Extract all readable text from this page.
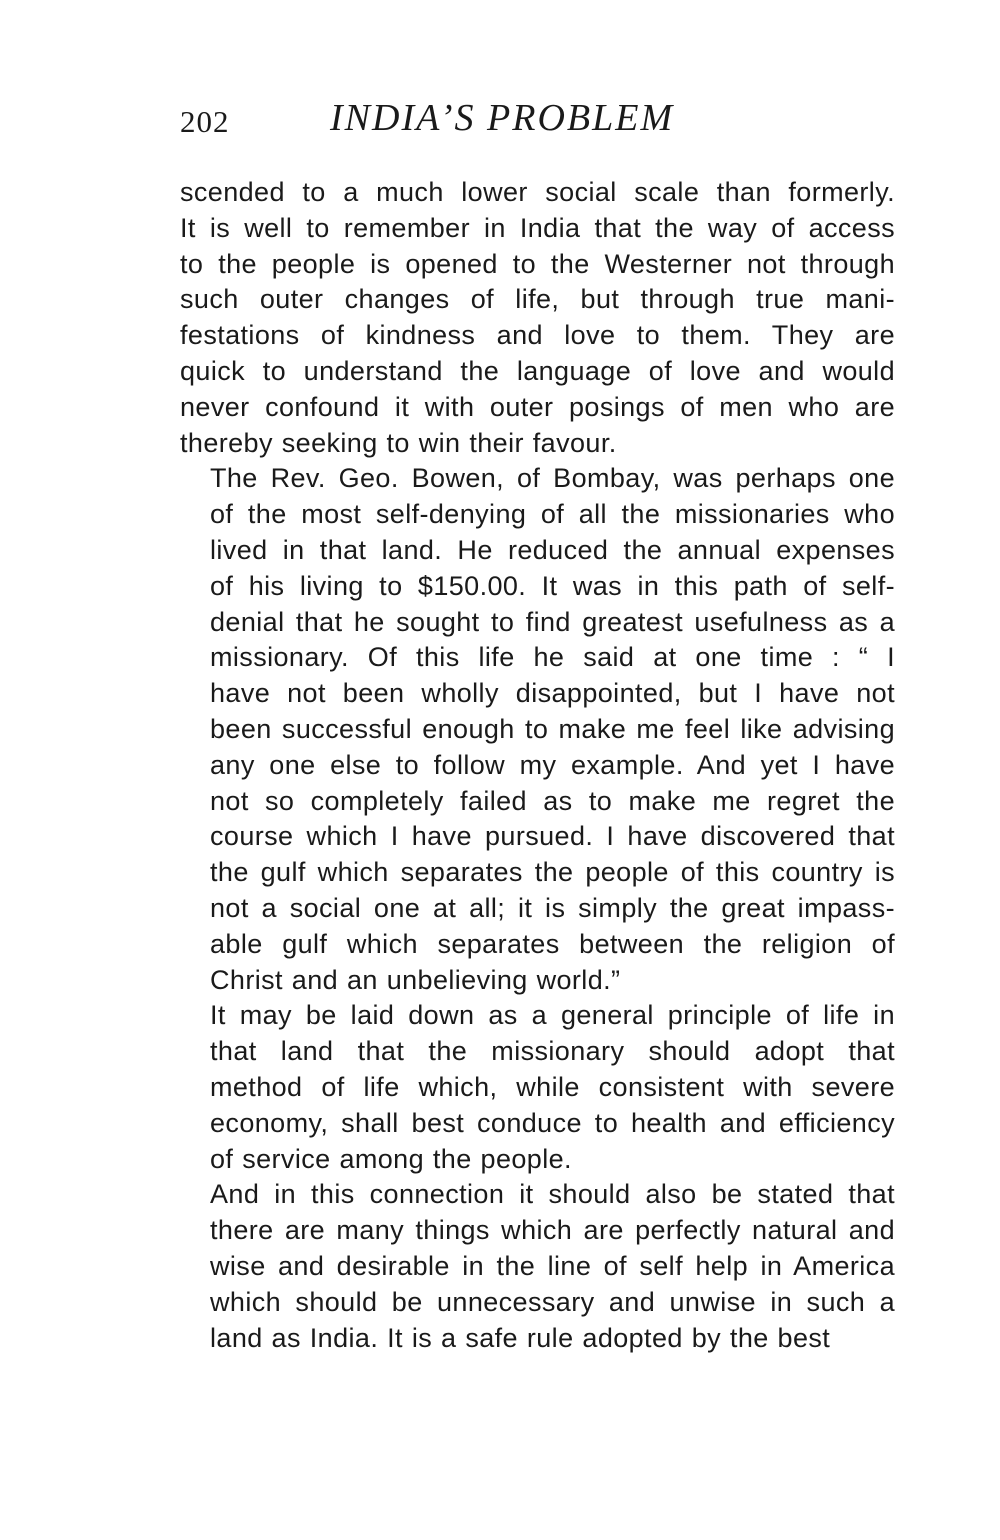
202	INDIA’S PROBLEM

scended to a much lower social scale than formerly.
It is well to remember in India that the way of access
to the people is opened to the Westerner not through
such outer changes of life, but through true mani-
festations of kindness and love to them. They are
quick to understand the language of love and would
never confound it with outer posings of men who are
thereby seeking to win their favour.

The Rev. Geo. Bowen, of Bombay, was perhaps one
of the most self-denying of all the missionaries who
lived in that land. He reduced the annual expenses
of his living to $150.00. It was in this path of self-
denial that he sought to find greatest usefulness as a
missionary. Of this life he said at one time : “ I
have not been wholly disappointed, but I have not
been successful enough to make me feel like advising
any one else to follow my example. And yet I have
not so completely failed as to make me regret the
course which I have pursued. I have discovered that
the gulf which separates the people of this country is
not a social one at all; it is simply the great impass-
able gulf which separates between the religion of
Christ and an unbelieving world.”

It may be laid down as a general principle of life in
that land that the missionary should adopt that
method of life which, while consistent with severe
economy, shall best conduce to health and efficiency
of service among the people.

And in this connection it should also be stated that
there are many things which are perfectly natural and
wise and desirable in the line of self help in America
which should be unnecessary and unwise in such a
land as India. It is a safe rule adopted by the best
